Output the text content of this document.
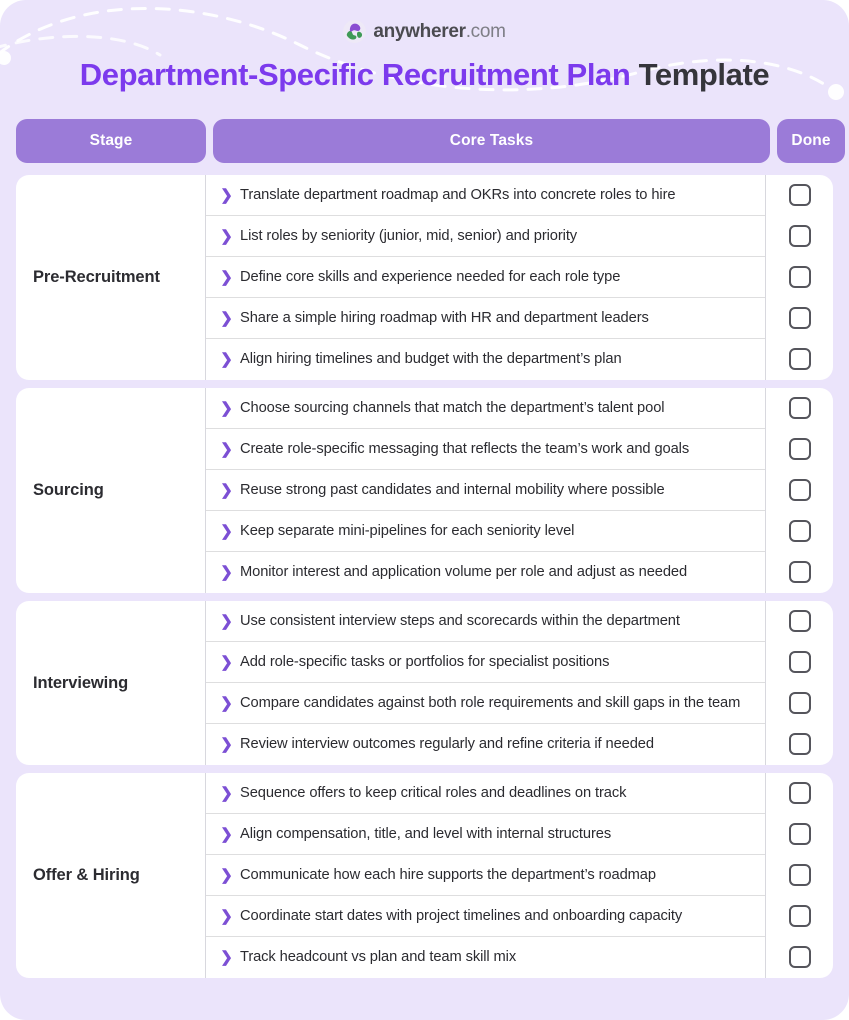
anywherer.com
Department-Specific Recruitment Plan Template
Stage	Core Tasks	Done
Pre-Recruitment
❯ Translate department roadmap and OKRs into concrete roles to hire
❯ List roles by seniority (junior, mid, senior) and priority
❯ Define core skills and experience needed for each role type
❯ Share a simple hiring roadmap with HR and department leaders
❯ Align hiring timelines and budget with the department’s plan
Sourcing
❯ Choose sourcing channels that match the department’s talent pool
❯ Create role-specific messaging that reflects the team’s work and goals
❯ Reuse strong past candidates and internal mobility where possible
❯ Keep separate mini-pipelines for each seniority level
❯ Monitor interest and application volume per role and adjust as needed
Interviewing
❯ Use consistent interview steps and scorecards within the department
❯ Add role-specific tasks or portfolios for specialist positions
❯ Compare candidates against both role requirements and skill gaps in the team
❯ Review interview outcomes regularly and refine criteria if needed
Offer & Hiring
❯ Sequence offers to keep critical roles and deadlines on track
❯ Align compensation, title, and level with internal structures
❯ Communicate how each hire supports the department’s roadmap
❯ Coordinate start dates with project timelines and onboarding capacity
❯ Track headcount vs plan and team skill mix
